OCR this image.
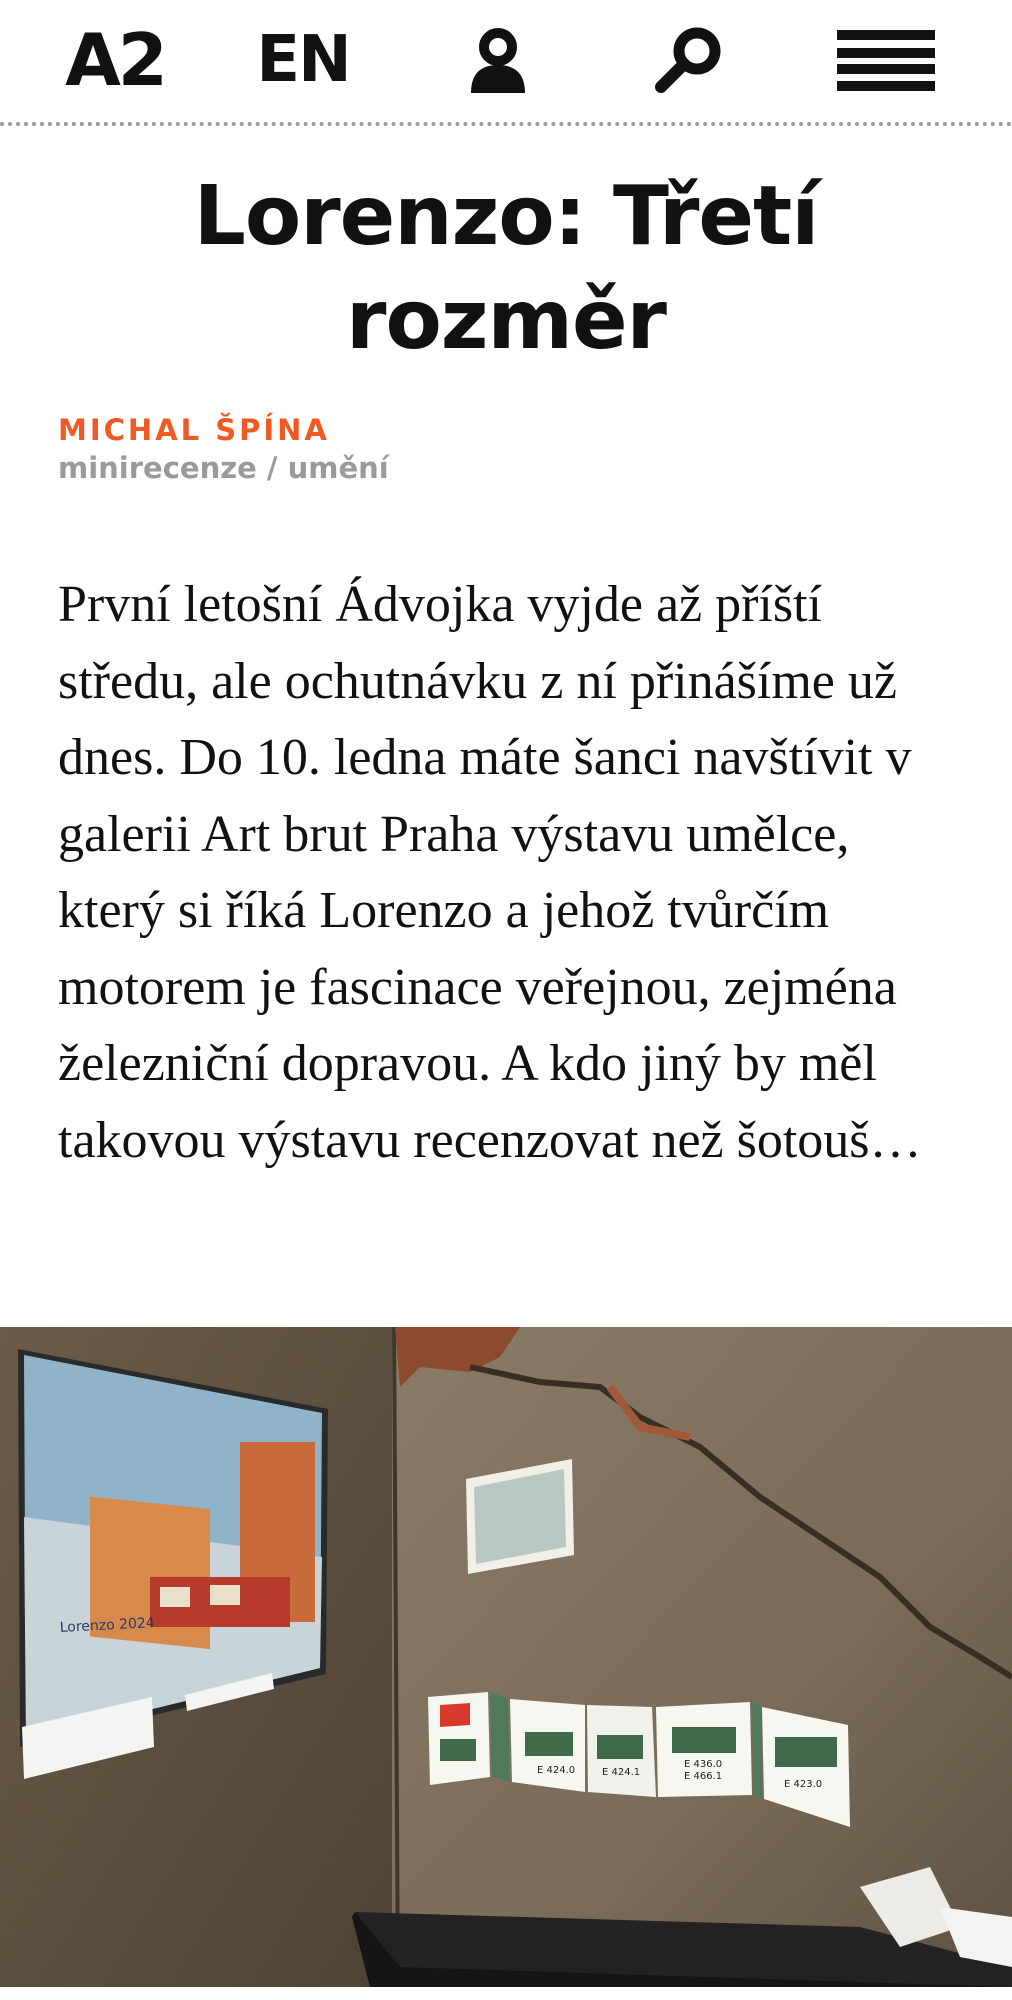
A2 EN
Lorenzo: Třetí rozměr
MICHAL ŠPÍNA
minirecenze / umění

První letošní Ádvojka vyjde až příští středu, ale ochutnávku z ní přinášíme už dnes. Do 10. ledna máte šanci navštívit v galerii Art brut Praha výstavu umělce, který si říká Lorenzo a jehož tvůrčím motorem je fascinace veřejnou, zejména železniční dopravou. A kdo jiný by měl takovou výstavu recenzovat než šotouš…

Lorenzo 2024
E 424.0	E 424.1
E 436.0
E 466.1
E 423.0
